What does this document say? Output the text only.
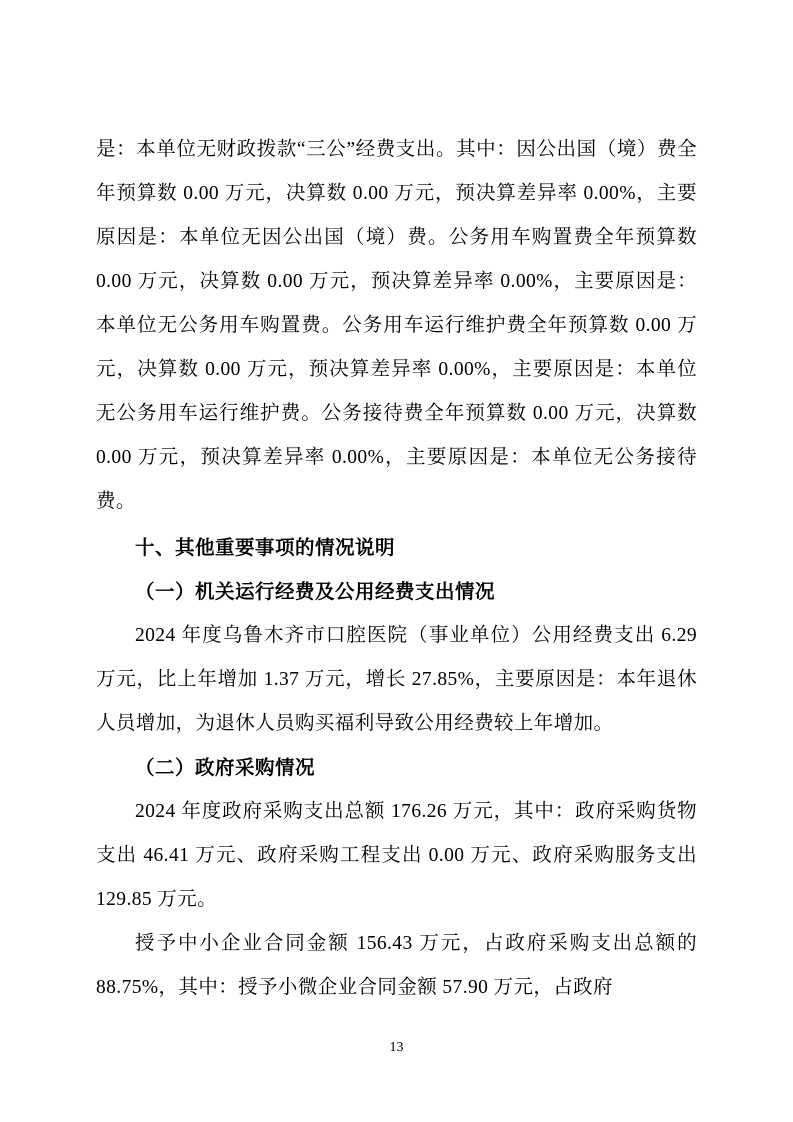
是：本单位无财政拨款“三公”经费支出。其中：因公出国（境）费全年预算数 0.00 万元，决算数 0.00 万元，预决算差异率 0.00%，主要原因是：本单位无因公出国（境）费。公务用车购置费全年预算数 0.00 万元，决算数 0.00 万元，预决算差异率 0.00%，主要原因是：本单位无公务用车购置费。公务用车运行维护费全年预算数 0.00 万元，决算数 0.00 万元，预决算差异率 0.00%，主要原因是：本单位无公务用车运行维护费。公务接待费全年预算数 0.00 万元，决算数 0.00 万元，预决算差异率 0.00%，主要原因是：本单位无公务接待费。

十、其他重要事项的情况说明

（一）机关运行经费及公用经费支出情况

2024 年度乌鲁木齐市口腔医院（事业单位）公用经费支出 6.29 万元，比上年增加 1.37 万元，增长 27.85%，主要原因是：本年退休人员增加，为退休人员购买福利导致公用经费较上年增加。

（二）政府采购情况

2024 年度政府采购支出总额 176.26 万元，其中：政府采购货物支出 46.41 万元、政府采购工程支出 0.00 万元、政府采购服务支出 129.85 万元。

授予中小企业合同金额 156.43 万元，占政府采购支出总额的 88.75%，其中：授予小微企业合同金额 57.90 万元，占政府

13
